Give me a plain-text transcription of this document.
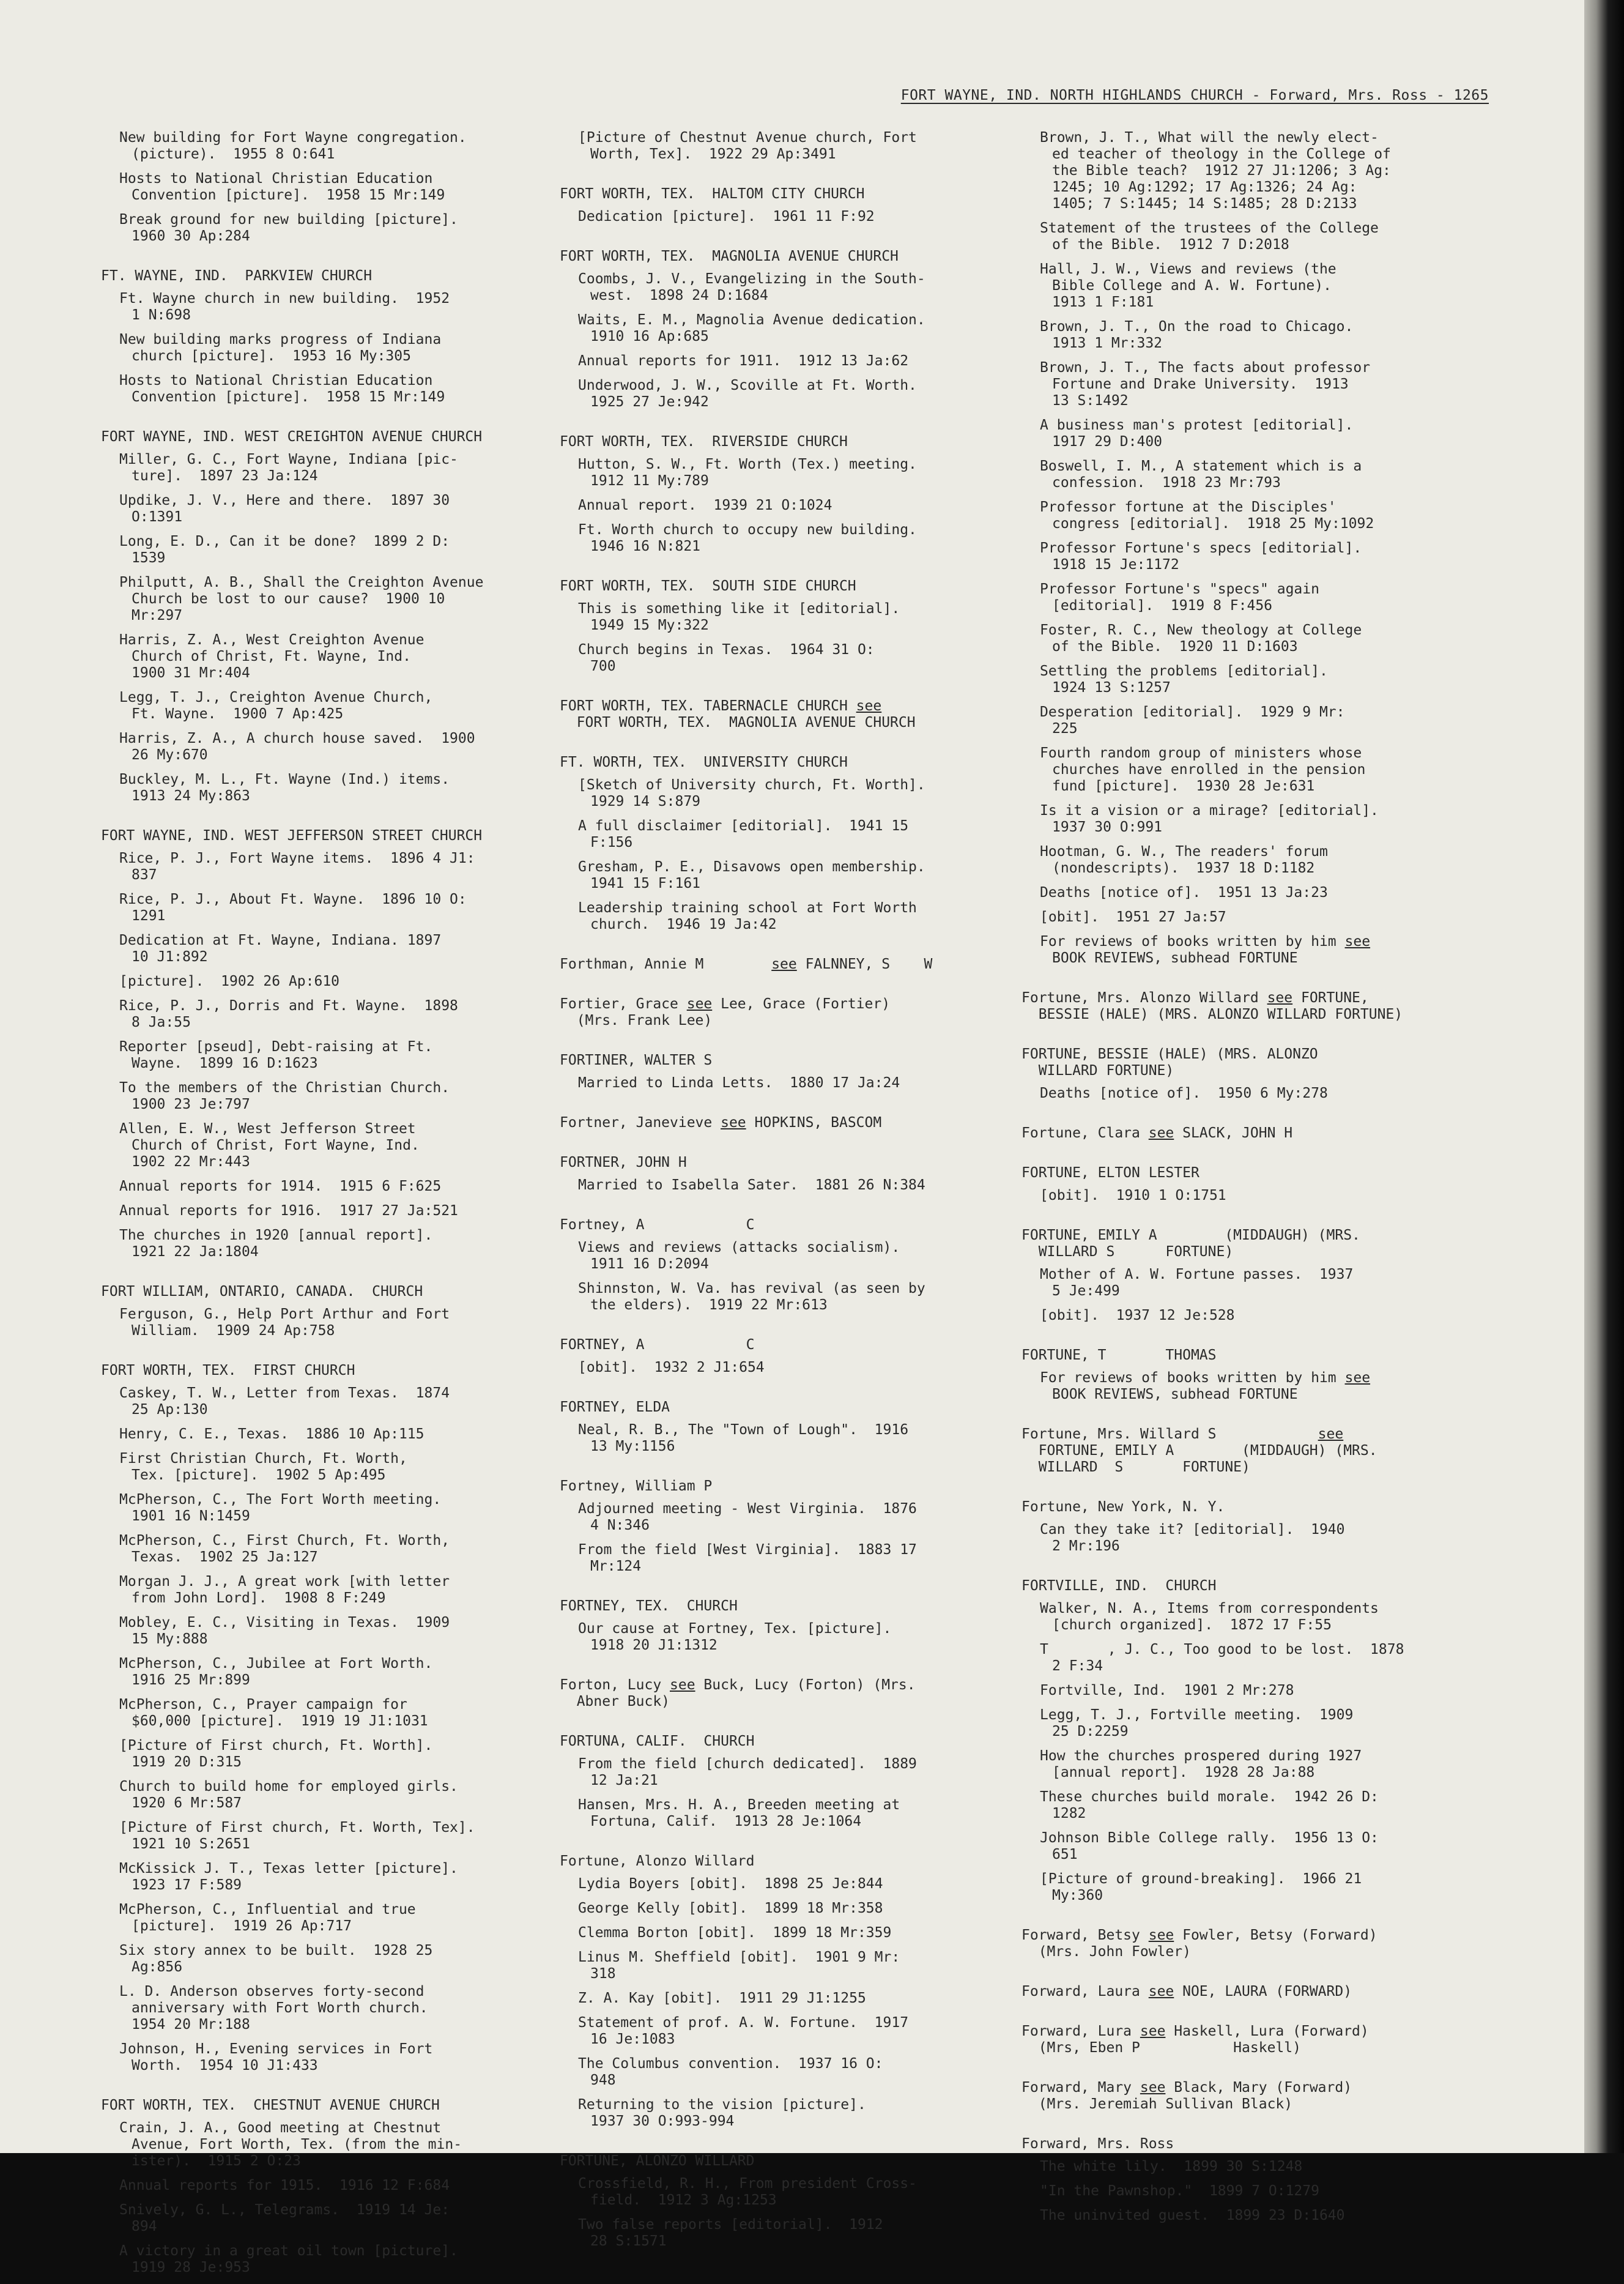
FORT WAYNE, IND. NORTH HIGHLANDS CHURCH - Forward, Mrs. Ross - 1265
New building for Fort Wayne congregation.
(picture).  1955 8 O:641
Hosts to National Christian Education
Convention [picture].  1958 15 Mr:149
Break ground for new building [picture].
1960 30 Ap:284
FT. WAYNE, IND.  PARKVIEW CHURCH
Ft. Wayne church in new building.  1952
1 N:698
New building marks progress of Indiana
church [picture].  1953 16 My:305
Hosts to National Christian Education
Convention [picture].  1958 15 Mr:149
FORT WAYNE, IND. WEST CREIGHTON AVENUE CHURCH
Miller, G. C., Fort Wayne, Indiana [pic-
ture].  1897 23 Ja:124
Updike, J. V., Here and there.  1897 30
O:1391
Long, E. D., Can it be done?  1899 2 D:
1539
Philputt, A. B., Shall the Creighton Avenue
Church be lost to our cause?  1900 10
Mr:297
Harris, Z. A., West Creighton Avenue
Church of Christ, Ft. Wayne, Ind.
1900 31 Mr:404
Legg, T. J., Creighton Avenue Church,
Ft. Wayne.  1900 7 Ap:425
Harris, Z. A., A church house saved.  1900
26 My:670
Buckley, M. L., Ft. Wayne (Ind.) items.
1913 24 My:863
FORT WAYNE, IND. WEST JEFFERSON STREET CHURCH
Rice, P. J., Fort Wayne items.  1896 4 J1:
837
Rice, P. J., About Ft. Wayne.  1896 10 O:
1291
Dedication at Ft. Wayne, Indiana. 1897
10 J1:892
[picture].  1902 26 Ap:610
Rice, P. J., Dorris and Ft. Wayne.  1898
8 Ja:55
Reporter [pseud], Debt-raising at Ft.
Wayne.  1899 16 D:1623
To the members of the Christian Church.
1900 23 Je:797
Allen, E. W., West Jefferson Street
Church of Christ, Fort Wayne, Ind.
1902 22 Mr:443
Annual reports for 1914.  1915 6 F:625
Annual reports for 1916.  1917 27 Ja:521
The churches in 1920 [annual report].
1921 22 Ja:1804
FORT WILLIAM, ONTARIO, CANADA.  CHURCH
Ferguson, G., Help Port Arthur and Fort
William.  1909 24 Ap:758
FORT WORTH, TEX.  FIRST CHURCH
Caskey, T. W., Letter from Texas.  1874
25 Ap:130
Henry, C. E., Texas.  1886 10 Ap:115
First Christian Church, Ft. Worth,
Tex. [picture].  1902 5 Ap:495
McPherson, C., The Fort Worth meeting.
1901 16 N:1459
McPherson, C., First Church, Ft. Worth,
Texas.  1902 25 Ja:127
Morgan J. J., A great work [with letter
from John Lord].  1908 8 F:249
Mobley, E. C., Visiting in Texas.  1909
15 My:888
McPherson, C., Jubilee at Fort Worth.
1916 25 Mr:899
McPherson, C., Prayer campaign for
$60,000 [picture].  1919 19 J1:1031
[Picture of First church, Ft. Worth].
1919 20 D:315
Church to build home for employed girls.
1920 6 Mr:587
[Picture of First church, Ft. Worth, Tex].
1921 10 S:2651
McKissick J. T., Texas letter [picture].
1923 17 F:589
McPherson, C., Influential and true
[picture].  1919 26 Ap:717
Six story annex to be built.  1928 25
Ag:856
L. D. Anderson observes forty-second
anniversary with Fort Worth church.
1954 20 Mr:188
Johnson, H., Evening services in Fort
Worth.  1954 10 J1:433
FORT WORTH, TEX.  CHESTNUT AVENUE CHURCH
Crain, J. A., Good meeting at Chestnut
Avenue, Fort Worth, Tex. (from the min-
ister).  1915 2 O:23
Annual reports for 1915.  1916 12 F:684
Snively, G. L., Telegrams.  1919 14 Je:
894
A victory in a great oil town [picture].
1919 28 Je:953
[Picture of Chestnut Avenue church, Fort
Worth, Tex].  1922 29 Ap:3491
FORT WORTH, TEX.  HALTOM CITY CHURCH
Dedication [picture].  1961 11 F:92
FORT WORTH, TEX.  MAGNOLIA AVENUE CHURCH
Coombs, J. V., Evangelizing in the South-
west.  1898 24 D:1684
Waits, E. M., Magnolia Avenue dedication.
1910 16 Ap:685
Annual reports for 1911.  1912 13 Ja:62
Underwood, J. W., Scoville at Ft. Worth.
1925 27 Je:942
FORT WORTH, TEX.  RIVERSIDE CHURCH
Hutton, S. W., Ft. Worth (Tex.) meeting.
1912 11 My:789
Annual report.  1939 21 O:1024
Ft. Worth church to occupy new building.
1946 16 N:821
FORT WORTH, TEX.  SOUTH SIDE CHURCH
This is something like it [editorial].
1949 15 My:322
Church begins in Texas.  1964 31 O:
700
FORT WORTH, TEX. TABERNACLE CHURCH see
FORT WORTH, TEX.  MAGNOLIA AVENUE CHURCH
FT. WORTH, TEX.  UNIVERSITY CHURCH
[Sketch of University church, Ft. Worth].
1929 14 S:879
A full disclaimer [editorial].  1941 15
F:156
Gresham, P. E., Disavows open membership.
1941 15 F:161
Leadership training school at Fort Worth
church.  1946 19 Ja:42
Forthman, Annie M        see FALNNEY, S    W
Fortier, Grace see Lee, Grace (Fortier)
(Mrs. Frank Lee)
FORTINER, WALTER S
Married to Linda Letts.  1880 17 Ja:24
Fortner, Janevieve see HOPKINS, BASCOM
FORTNER, JOHN H
Married to Isabella Sater.  1881 26 N:384
Fortney, A            C
Views and reviews (attacks socialism).
1911 16 D:2094
Shinnston, W. Va. has revival (as seen by
the elders).  1919 22 Mr:613
FORTNEY, A            C
[obit].  1932 2 J1:654
FORTNEY, ELDA
Neal, R. B., The "Town of Lough".  1916
13 My:1156
Fortney, William P
Adjourned meeting - West Virginia.  1876
4 N:346
From the field [West Virginia].  1883 17
Mr:124
FORTNEY, TEX.  CHURCH
Our cause at Fortney, Tex. [picture].
1918 20 J1:1312
Forton, Lucy see Buck, Lucy (Forton) (Mrs.
Abner Buck)
FORTUNA, CALIF.  CHURCH
From the field [church dedicated].  1889
12 Ja:21
Hansen, Mrs. H. A., Breeden meeting at
Fortuna, Calif.  1913 28 Je:1064
Fortune, Alonzo Willard
Lydia Boyers [obit].  1898 25 Je:844
George Kelly [obit].  1899 18 Mr:358
Clemma Borton [obit].  1899 18 Mr:359
Linus M. Sheffield [obit].  1901 9 Mr:
318
Z. A. Kay [obit].  1911 29 J1:1255
Statement of prof. A. W. Fortune.  1917
16 Je:1083
The Columbus convention.  1937 16 O:
948
Returning to the vision [picture].
1937 30 O:993-994
FORTUNE, ALONZO WILLARD
Crossfield, R. H., From president Cross-
field.  1912 3 Ag:1253
Two false reports [editorial].  1912
28 S:1571
Brown, J. T., What will the newly elect-
ed teacher of theology in the College of
the Bible teach?  1912 27 J1:1206; 3 Ag:
1245; 10 Ag:1292; 17 Ag:1326; 24 Ag:
1405; 7 S:1445; 14 S:1485; 28 D:2133
Statement of the trustees of the College
of the Bible.  1912 7 D:2018
Hall, J. W., Views and reviews (the
Bible College and A. W. Fortune).
1913 1 F:181
Brown, J. T., On the road to Chicago.
1913 1 Mr:332
Brown, J. T., The facts about professor
Fortune and Drake University.  1913
13 S:1492
A business man's protest [editorial].
1917 29 D:400
Boswell, I. M., A statement which is a
confession.  1918 23 Mr:793
Professor fortune at the Disciples'
congress [editorial].  1918 25 My:1092
Professor Fortune's specs [editorial].
1918 15 Je:1172
Professor Fortune's "specs" again
[editorial].  1919 8 F:456
Foster, R. C., New theology at College
of the Bible.  1920 11 D:1603
Settling the problems [editorial].
1924 13 S:1257
Desperation [editorial].  1929 9 Mr:
225
Fourth random group of ministers whose
churches have enrolled in the pension
fund [picture].  1930 28 Je:631
Is it a vision or a mirage? [editorial].
1937 30 O:991
Hootman, G. W., The readers' forum
(nondescripts).  1937 18 D:1182
Deaths [notice of].  1951 13 Ja:23
[obit].  1951 27 Ja:57
For reviews of books written by him see
BOOK REVIEWS, subhead FORTUNE
Fortune, Mrs. Alonzo Willard see FORTUNE,
BESSIE (HALE) (MRS. ALONZO WILLARD FORTUNE)
FORTUNE, BESSIE (HALE) (MRS. ALONZO
WILLARD FORTUNE)
Deaths [notice of].  1950 6 My:278
Fortune, Clara see SLACK, JOHN H
FORTUNE, ELTON LESTER
[obit].  1910 1 O:1751
FORTUNE, EMILY A        (MIDDAUGH) (MRS.
WILLARD S      FORTUNE)
Mother of A. W. Fortune passes.  1937
5 Je:499
[obit].  1937 12 Je:528
FORTUNE, T       THOMAS
For reviews of books written by him see
BOOK REVIEWS, subhead FORTUNE
Fortune, Mrs. Willard S            see
FORTUNE, EMILY A        (MIDDAUGH) (MRS.
WILLARD  S       FORTUNE)
Fortune, New York, N. Y.
Can they take it? [editorial].  1940
2 Mr:196
FORTVILLE, IND.  CHURCH
Walker, N. A., Items from correspondents
[church organized].  1872 17 F:55
T       , J. C., Too good to be lost.  1878
2 F:34
Fortville, Ind.  1901 2 Mr:278
Legg, T. J., Fortville meeting.  1909
25 D:2259
How the churches prospered during 1927
[annual report].  1928 28 Ja:88
These churches build morale.  1942 26 D:
1282
Johnson Bible College rally.  1956 13 O:
651
[Picture of ground-breaking].  1966 21
My:360
Forward, Betsy see Fowler, Betsy (Forward)
(Mrs. John Fowler)
Forward, Laura see NOE, LAURA (FORWARD)
Forward, Lura see Haskell, Lura (Forward)
(Mrs, Eben P           Haskell)
Forward, Mary see Black, Mary (Forward)
(Mrs. Jeremiah Sullivan Black)
Forward, Mrs. Ross
The white lily.  1899 30 S:1248
"In the Pawnshop."  1899 7 O:1279
The uninvited guest.  1899 23 D:1640
